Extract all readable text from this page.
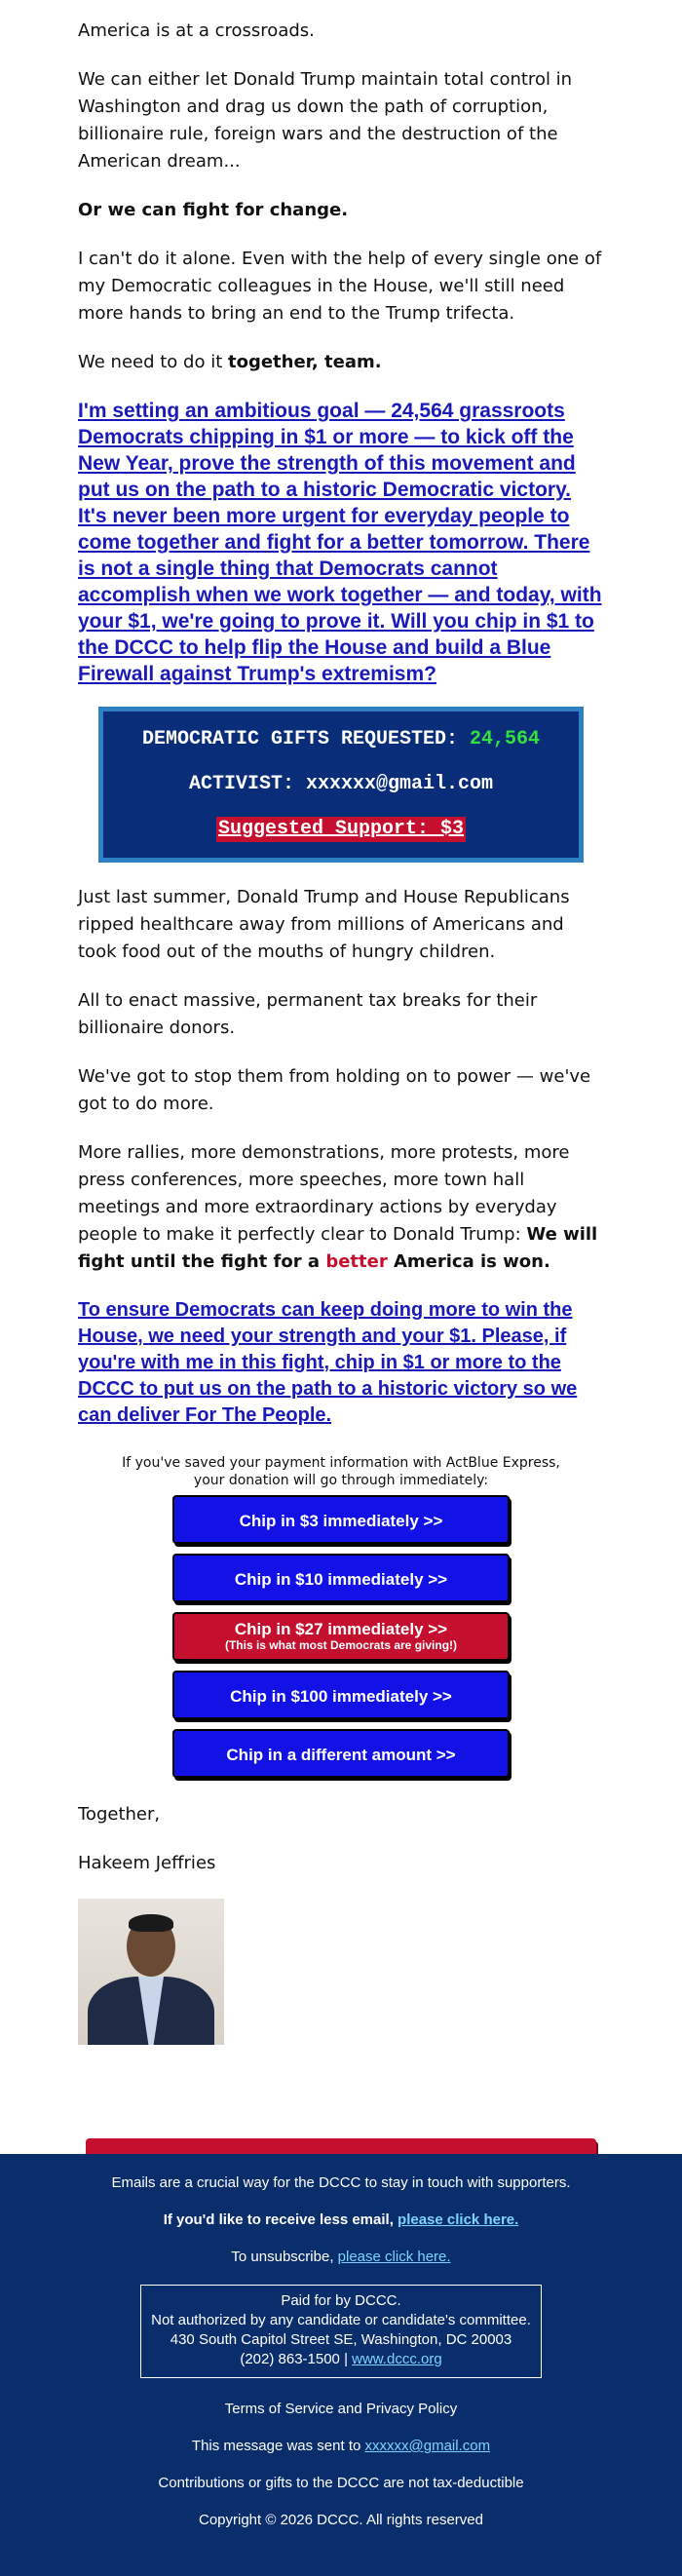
America is at a crossroads.

We can either let Donald Trump maintain total control in Washington and drag us down the path of corruption, billionaire rule, foreign wars and the destruction of the American dream...

Or we can fight for change.

I can't do it alone. Even with the help of every single one of my Democratic colleagues in the House, we'll still need more hands to bring an end to the Trump trifecta.

We need to do it together, team.

I'm setting an ambitious goal — 24,564 grassroots Democrats chipping in $1 or more — to kick off the New Year, prove the strength of this movement and put us on the path to a historic Democratic victory. It's never been more urgent for everyday people to come together and fight for a better tomorrow. There is not a single thing that Democrats cannot accomplish when we work together — and today, with your $1, we're going to prove it. Will you chip in $1 to the DCCC to help flip the House and build a Blue Firewall against Trump's extremism?

DEMOCRATIC GIFTS REQUESTED: 24,564

ACTIVIST: xxxxxx@gmail.com

Suggested Support: $3

Just last summer, Donald Trump and House Republicans ripped healthcare away from millions of Americans and took food out of the mouths of hungry children.

All to enact massive, permanent tax breaks for their billionaire donors.

We've got to stop them from holding on to power — we've got to do more.

More rallies, more demonstrations, more protests, more press conferences, more speeches, more town hall meetings and more extraordinary actions by everyday people to make it perfectly clear to Donald Trump: We will fight until the fight for a better America is won.

To ensure Democrats can keep doing more to win the House, we need your strength and your $1. Please, if you're with me in this fight, chip in $1 or more to the DCCC to put us on the path to a historic victory so we can deliver For The People.

If you've saved your payment information with ActBlue Express,
your donation will go through immediately:

Chip in $3 immediately >>
Chip in $10 immediately >>
Chip in $27 immediately >>
(This is what most Democrats are giving!)
Chip in $100 immediately >>
Chip in a different amount >>

Together,

Hakeem Jeffries

Emails are a crucial way for the DCCC to stay in touch with supporters.

If you'd like to receive less email, please click here.

To unsubscribe, please click here.

Paid for by DCCC.
Not authorized by any candidate or candidate's committee.
430 South Capitol Street SE, Washington, DC 20003
(202) 863-1500 | www.dccc.org

Terms of Service and Privacy Policy

This message was sent to xxxxxx@gmail.com

Contributions or gifts to the DCCC are not tax-deductible

Copyright © 2026 DCCC. All rights reserved
